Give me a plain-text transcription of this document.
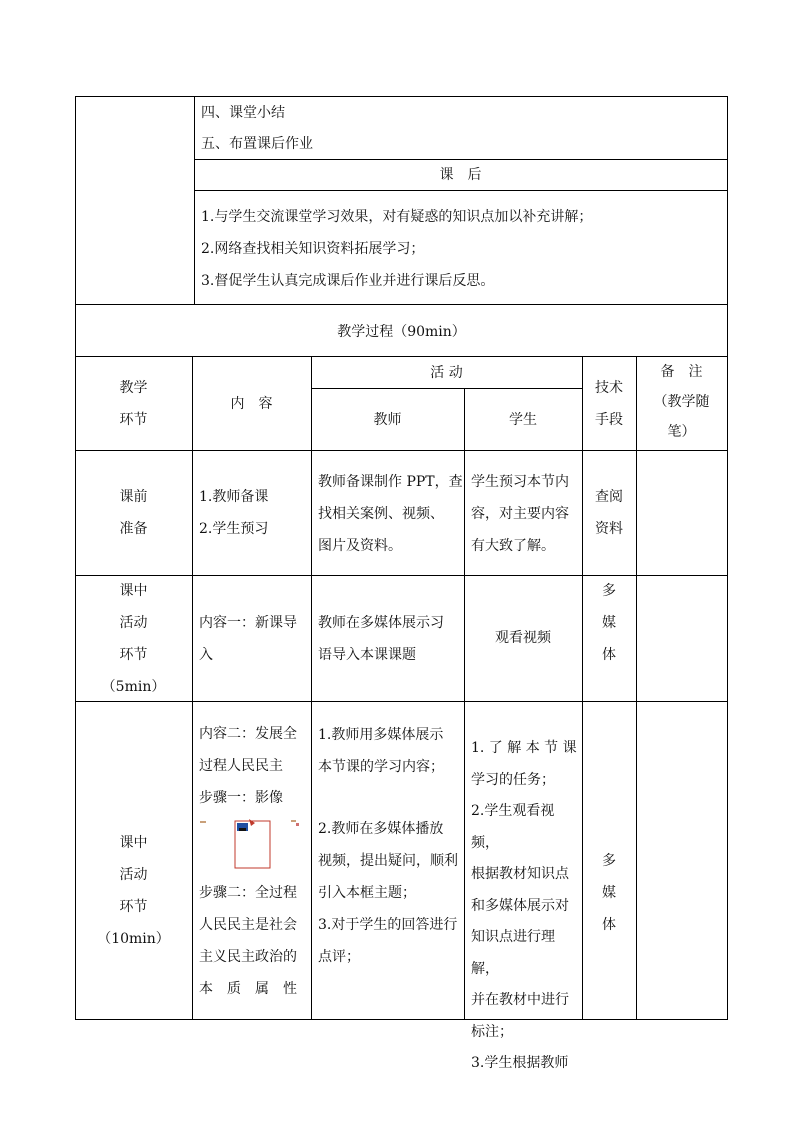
四、课堂小结
五、布置课后作业
课　后
1.与学生交流课堂学习效果，对有疑惑的知识点加以补充讲解；
2.网络查找相关知识资料拓展学习；
3.督促学生认真完成课后作业并进行课后反思。
教学过程（90min）
教学
环节
内　容
活 动
教师	学生
技术
手段
备　注
（教学随
笔）
课前
准备
1.教师备课
2.学生预习
教师备课制作 PPT，查
找相关案例、视频、
图片及资料。
学生预习本节内
容，对主要内容
有大致了解。
查阅
资料
课中
活动
环节
（5min）
内容一：新课导
入
教师在多媒体展示习
语导入本课课题
观看视频
多
媒
体
课中
活动
环节
（10min）
内容二：发展全
过程人民民主
步骤一：影像
步骤二：全过程
人民民主是社会
主义民主政治的
本　质　属　性
1.教师用多媒体展示
本节课的学习内容；
2.教师在多媒体播放
视频，提出疑问，顺利
引入本框主题；
3.对于学生的回答进行
点评；
1. 了 解 本 节 课
学习的任务；
2.学生观看视频，
根据教材知识点
和多媒体展示对
知识点进行理解，
并在教材中进行
标注；
3.学生根据教师
多
媒
体
